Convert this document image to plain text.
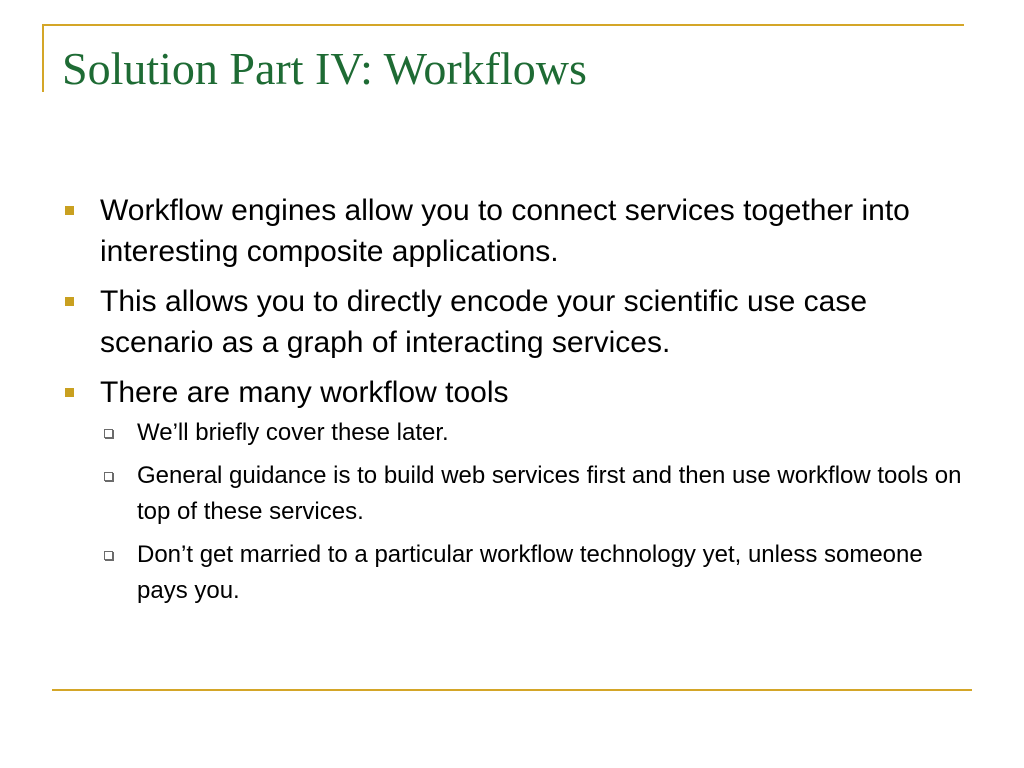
Solution Part IV: Workflows
Workflow engines allow you to connect services together into interesting composite applications.
This allows you to directly encode your scientific use case scenario as a graph of interacting services.
There are many workflow tools
We’ll briefly cover these later.
General guidance is to build web services first and then use workflow tools on top of these services.
Don’t get married to a particular workflow technology yet, unless someone pays you.
